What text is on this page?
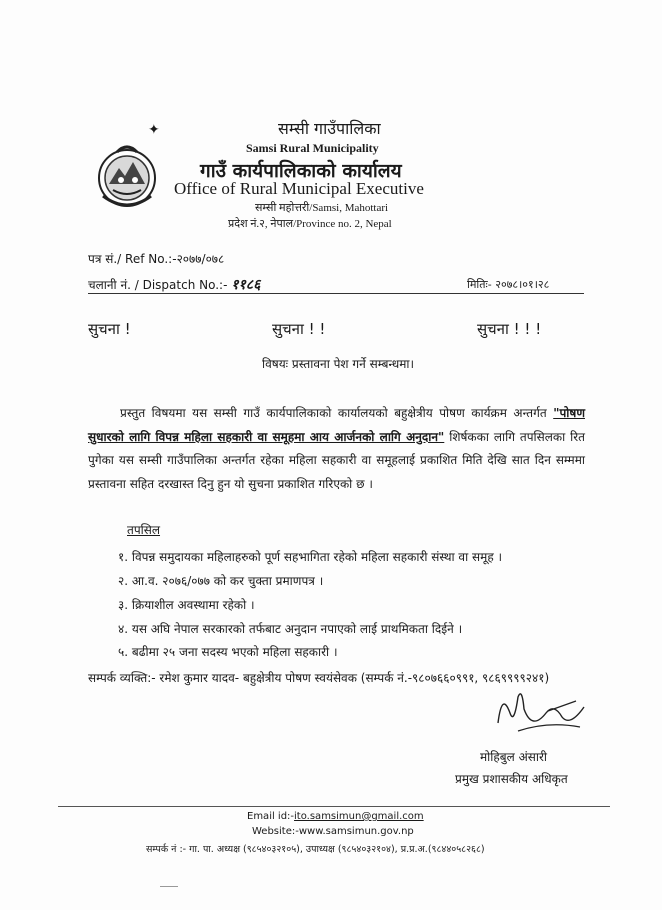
✦	सम्सी गाउँपालिका
Samsi Rural Municipality
गाउँ कार्यपालिकाको कार्यालय
Office of Rural Municipal Executive
सम्सी महोत्तरी/Samsi, Mahottari
प्रदेश नं.२, नेपाल/Province no. 2, Nepal
पत्र सं./ Ref No.:-२०७७/०७८
चलानी नं. / Dispatch No.:- ११८६	मितिः- २०७८।०१।२८
सुचना !	सुचना ! !	सुचना ! ! !
विषयः प्रस्तावना पेश गर्ने सम्बन्धमा।
प्रस्तुत विषयमा यस सम्सी गाउँ कार्यपालिकाको कार्यालयको बहुक्षेत्रीय पोषण कार्यक्रम अन्तर्गत "पोषण सुधारको लागि विपन्न महिला सहकारी वा समूहमा आय आर्जनको लागि अनुदान" शिर्षकका लागि तपसिलका रित पुगेका यस सम्सी गाउँपालिका अन्तर्गत रहेका महिला सहकारी वा समूहलाई प्रकाशित मिति देखि सात दिन सम्ममा प्रस्तावना सहित दरखास्त दिनु हुन यो सुचना प्रकाशित गरिएको छ ।
तपसिल
१. विपन्न समुदायका महिलाहरुको पूर्ण सहभागिता रहेको महिला सहकारी संस्था वा समूह ।
२. आ.व. २०७६/०७७ को कर चुक्ता प्रमाणपत्र ।
३. क्रियाशील अवस्थामा रहेको ।
४. यस अघि नेपाल सरकारको तर्फबाट अनुदान नपाएको लाई प्राथमिकता दिईने ।
५. बढीमा २५ जना सदस्य भएको महिला सहकारी ।
सम्पर्क व्यक्ति:- रमेश कुमार यादव- बहुक्षेत्रीय पोषण स्वयंसेवक (सम्पर्क नं.-९८०७६६०९९१, ९८६९९९९२४१)
मोहिबुल अंसारी
प्रमुख प्रशासकीय अधिकृत
Email id:-ito.samsimun@gmail.com
Website:-www.samsimun.gov.np
सम्पर्क नं :- गा. पा. अध्यक्ष (९८५४०३२१०५), उपाध्यक्ष (९८५४०३२१०४), प्र.प्र.अ.(९८४४०५८२६८)
